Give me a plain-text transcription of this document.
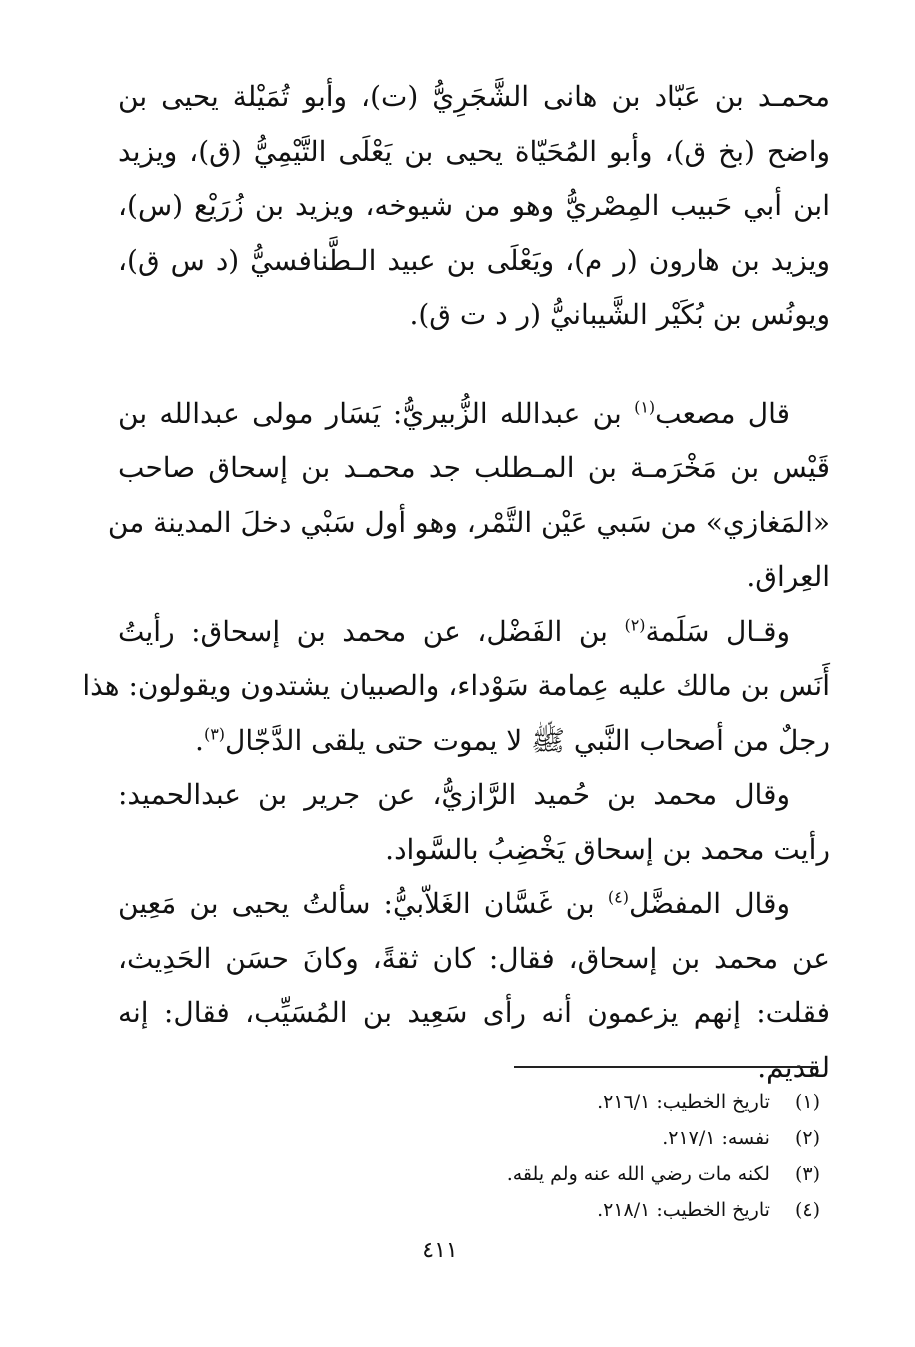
محمـد بن عَبّاد بن هانى الشَّجَرِيُّ (ت)، وأبو تُمَيْلة يحيى بن
واضح (بخ ق)، وأبو المُحَيّاة يحيى بن يَعْلَى التَّيْمِيُّ (ق)، ويزيد
ابن أبي حَبيب المِصْريُّ وهو من شيوخه، ويزيد بن زُرَيْع (س)،
ويزيد بن هارون (ر م)، ويَعْلَى بن عبيد الـطَّنافسيُّ (د س ق)،
ويونُس بن بُكَيْر الشَّيبانيُّ (ر د ت ق).
قال مصعب$^{(١)}$ بن عبدالله الزُّبيريُّ: يَسَار مولى عبدالله بن
قَيْس بن مَخْرَمـة بن المـطلب جد محمـد بن إسحاق صاحب
«المَغازي» من سَبي عَيْن التَّمْر، وهو أول سَبْي دخلَ المدينة من
العِراق.
وقـال سَلَمة$^{(٢)}$ بن الفَضْل، عن محمد بن إسحاق: رأيتُ
أَنَس بن مالك عليه عِمامة سَوْداء، والصبيان يشتدون ويقولون: هذا
رجلٌ من أصحاب النَّبي ﷺ لا يموت حتى يلقى الدَّجّال$^{(٣)}$.
وقال محمد بن حُميد الرَّازيُّ، عن جرير بن عبدالحميد:
رأيت محمد بن إسحاق يَخْضِبُ بالسَّواد.
وقال المفضَّل$^{(٤)}$ بن غَسَّان الغَلاّبيُّ: سألتُ يحيى بن مَعِين
عن محمد بن إسحاق، فقال: كان ثقةً، وكانَ حسَن الحَدِيث،
فقلت: إنهم يزعمون أنه رأى سَعِيد بن المُسَيِّب، فقال: إنه
لقديم.
(١) تاريخ الخطيب: ٢١٦/١.
(٢) نفسه: ٢١٧/١.
(٣) لكنه مات رضي الله عنه ولم يلقه.
(٤) تاريخ الخطيب: ٢١٨/١.
٤١١
